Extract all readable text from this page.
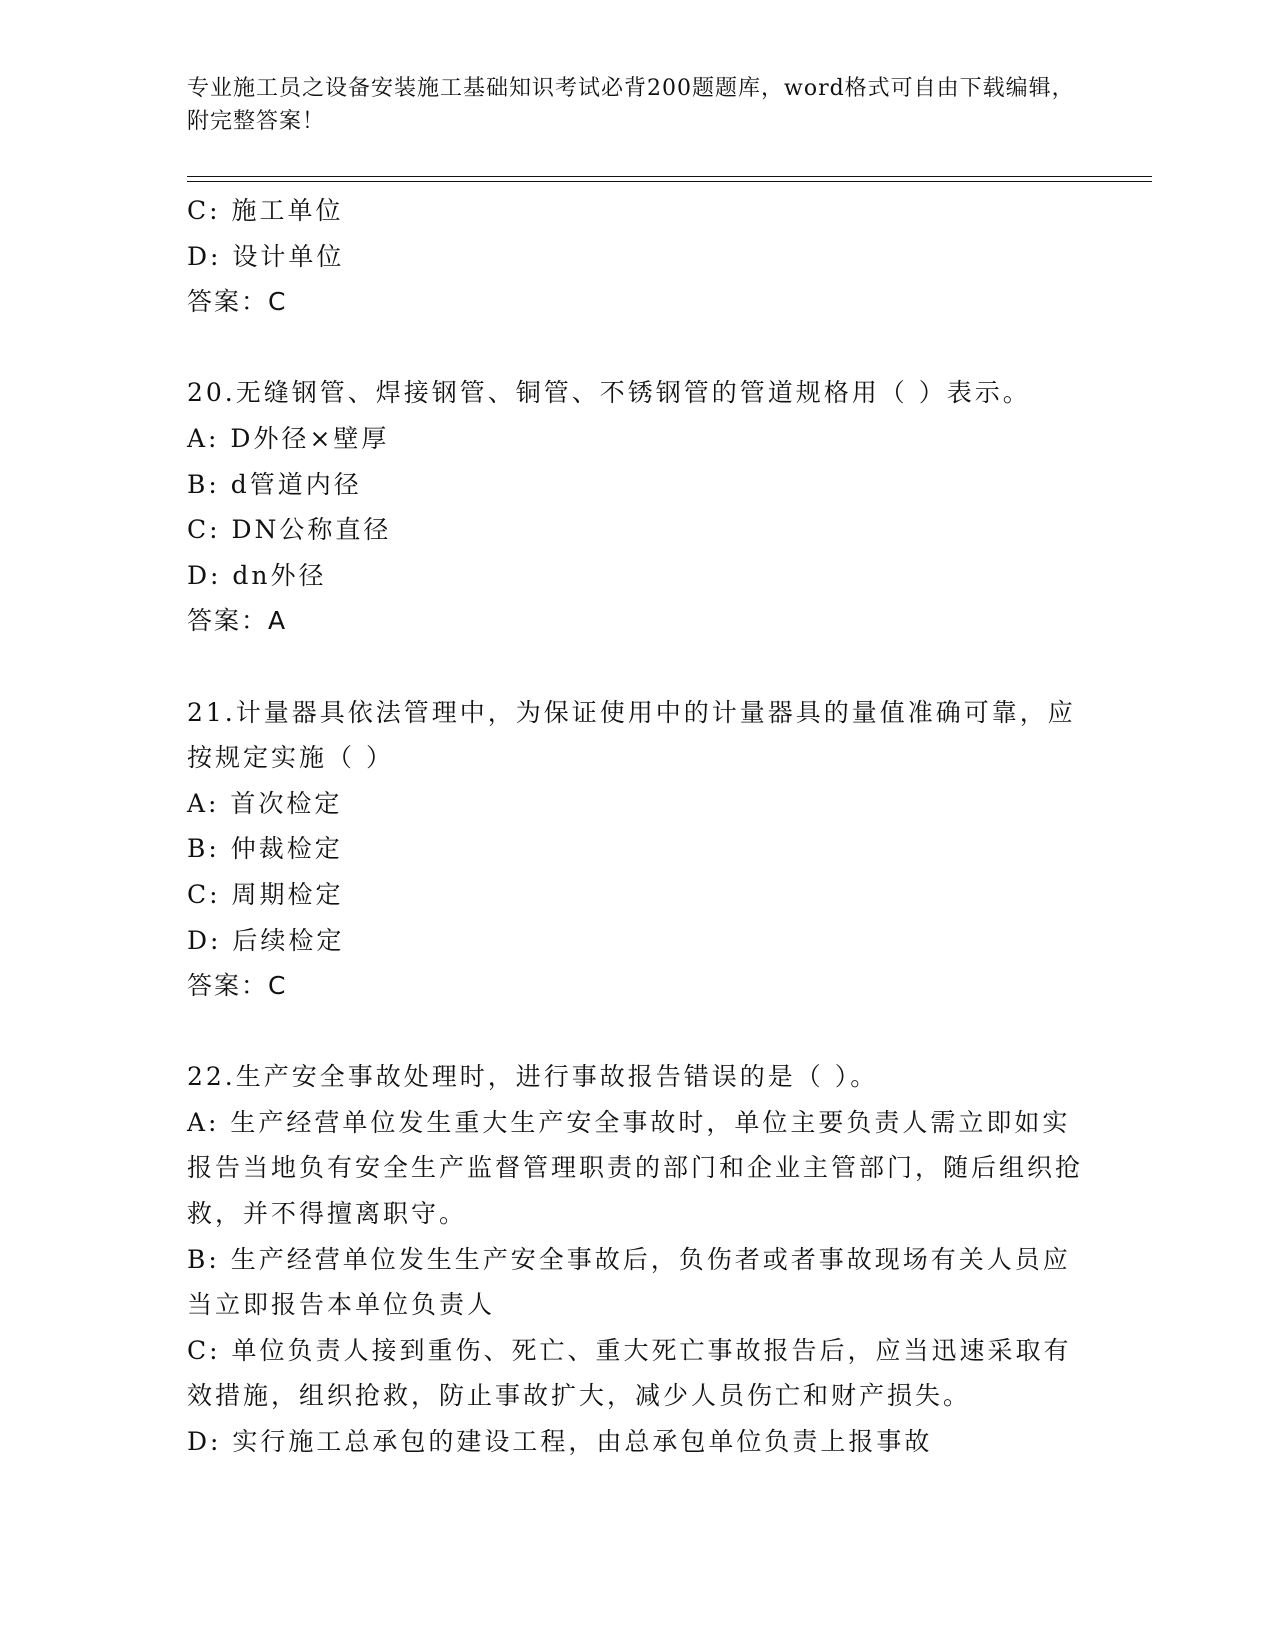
专业施工员之设备安装施工基础知识考试必背200题题库，word格式可自由下载编辑，附完整答案！
C: 施工单位
D: 设计单位
答案：C
20.无缝钢管、焊接钢管、铜管、不锈钢管的管道规格用（ ）表示。
A: D外径×壁厚
B: d管道内径
C: DN公称直径
D: dn外径
答案：A
21.计量器具依法管理中，为保证使用中的计量器具的量值准确可靠，应按规定实施（ ）
A: 首次检定
B: 仲裁检定
C: 周期检定
D: 后续检定
答案：C
22.生产安全事故处理时，进行事故报告错误的是（ ）。
A: 生产经营单位发生重大生产安全事故时，单位主要负责人需立即如实报告当地负有安全生产监督管理职责的部门和企业主管部门，随后组织抢救，并不得擅离职守。
B: 生产经营单位发生生产安全事故后，负伤者或者事故现场有关人员应当立即报告本单位负责人
C: 单位负责人接到重伤、死亡、重大死亡事故报告后，应当迅速采取有效措施，组织抢救，防止事故扩大，减少人员伤亡和财产损失。
D: 实行施工总承包的建设工程，由总承包单位负责上报事故
